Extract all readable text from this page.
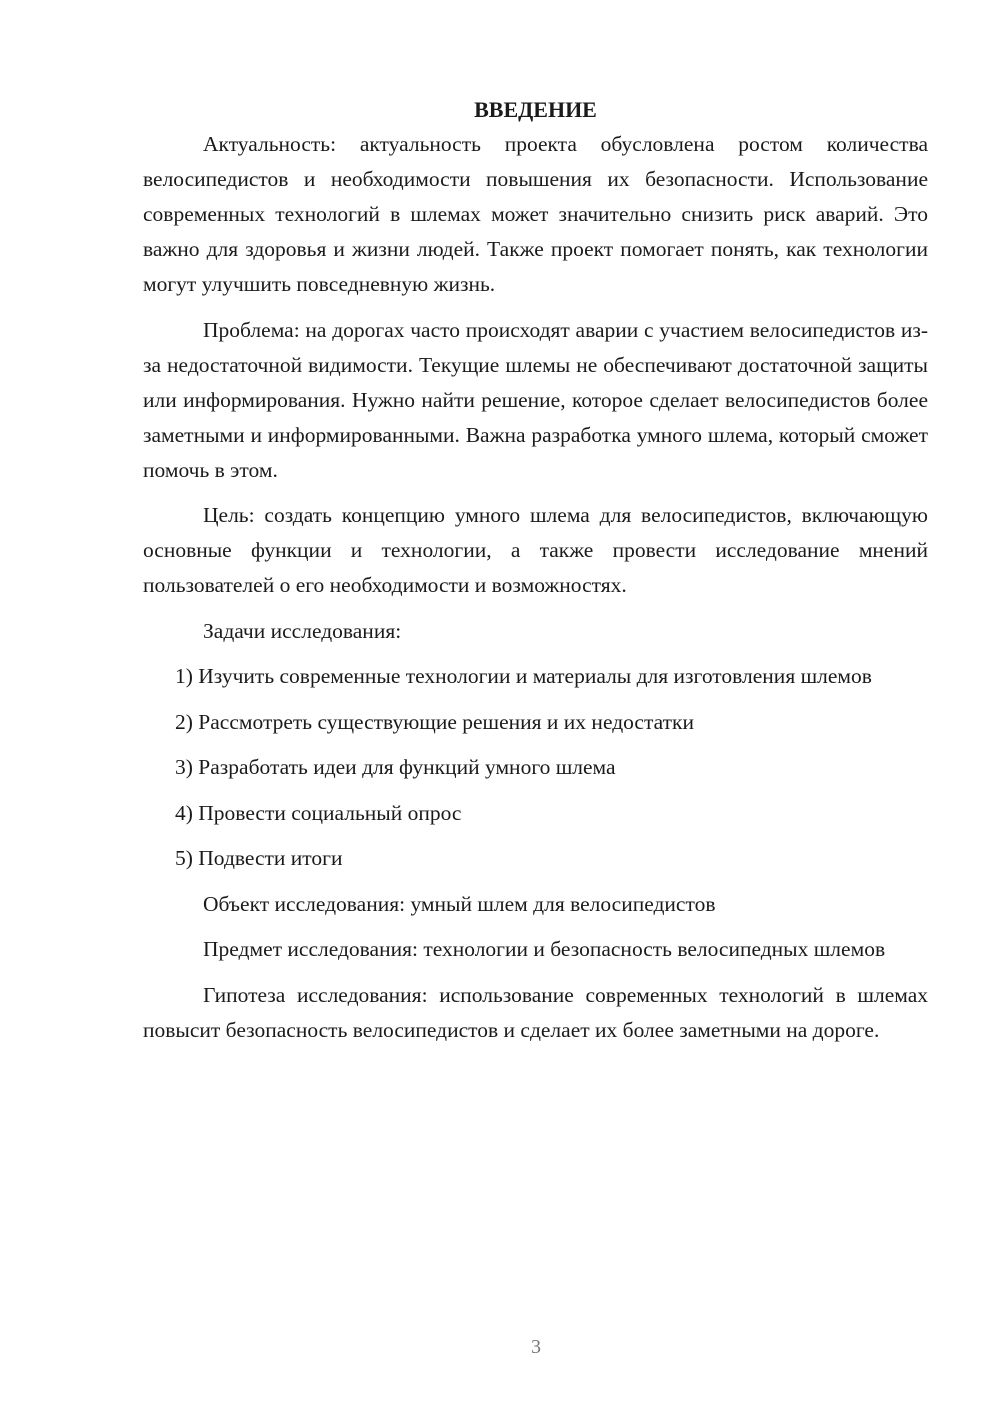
ВВЕДЕНИЕ

Актуальность: актуальность проекта обусловлена ростом количества велосипедистов и необходимости повышения их безопасности. Использование современных технологий в шлемах может значительно снизить риск аварий. Это важно для здоровья и жизни людей. Также проект помогает понять, как технологии могут улучшить повседневную жизнь.

Проблема: на дорогах часто происходят аварии с участием велосипедистов из-за недостаточной видимости. Текущие шлемы не обеспечивают достаточной защиты или информирования. Нужно найти решение, которое сделает велосипедистов более заметными и информированными. Важна разработка умного шлема, который сможет помочь в этом.

Цель: создать концепцию умного шлема для велосипедистов, включающую основные функции и технологии, а также провести исследование мнений пользователей о его необходимости и возможностях.

Задачи исследования:

1) Изучить современные технологии и материалы для изготовления шлемов

2) Рассмотреть существующие решения и их недостатки

3) Разработать идеи для функций умного шлема

4) Провести социальный опрос

5) Подвести итоги

Объект исследования: умный шлем для велосипедистов

Предмет исследования: технологии и безопасность велосипедных шлемов

Гипотеза исследования: использование современных технологий в шлемах повысит безопасность велосипедистов и сделает их более заметными на дороге.

3
